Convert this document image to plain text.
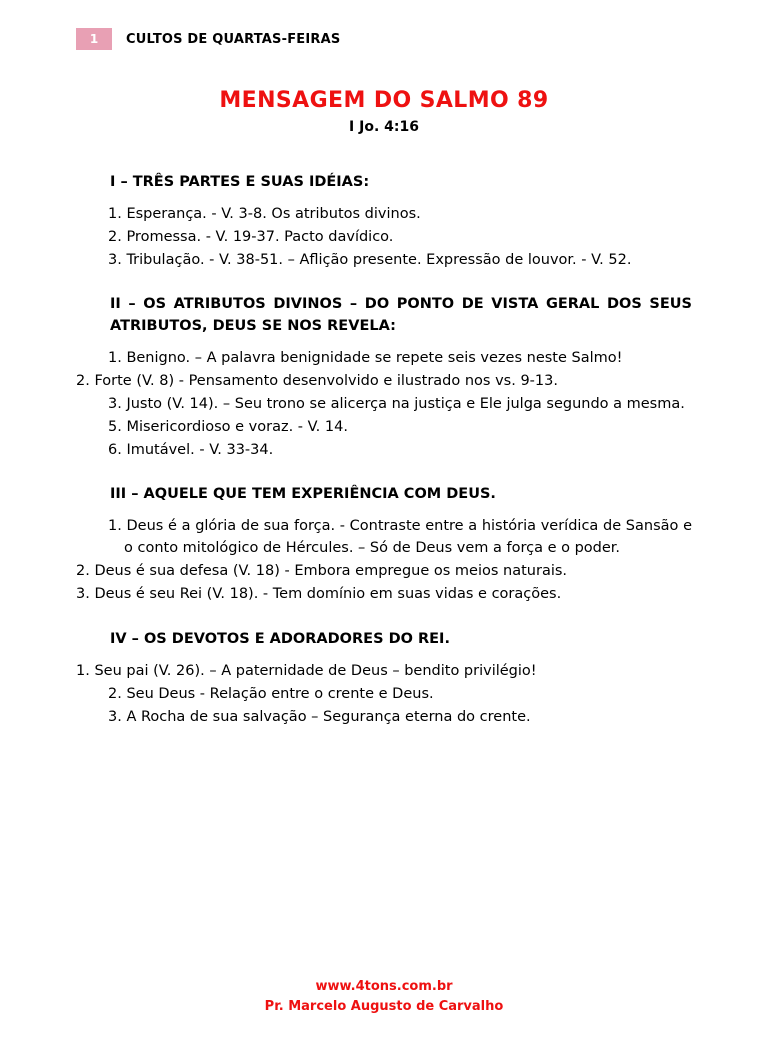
1	CULTOS DE QUARTAS-FEIRAS
MENSAGEM DO SALMO 89
I Jo. 4:16
I – TRÊS PARTES E SUAS IDÉIAS:
1. Esperança. - V. 3-8. Os atributos divinos.
2. Promessa. - V. 19-37. Pacto davídico.
3. Tribulação. - V. 38-51. – Aflição presente. Expressão de louvor. - V. 52.
II – OS ATRIBUTOS DIVINOS – DO PONTO DE VISTA GERAL DOS SEUS ATRIBUTOS, DEUS SE NOS REVELA:
1. Benigno. – A palavra benignidade se repete seis vezes neste Salmo!
2. Forte (V. 8) - Pensamento desenvolvido e ilustrado nos vs. 9-13.
3. Justo (V. 14). – Seu trono se alicerça na justiça e Ele julga segundo a mesma.
5. Misericordioso e voraz. - V. 14.
6. Imutável. - V. 33-34.
III – AQUELE QUE TEM EXPERIÊNCIA COM DEUS.
1. Deus é a glória de sua força. - Contraste entre a história verídica de Sansão e o conto mitológico de Hércules. – Só de Deus vem a força e o poder.
2. Deus é sua defesa (V. 18) - Embora empregue os meios naturais.
3. Deus é seu Rei (V. 18). - Tem domínio em suas vidas e corações.
IV – OS DEVOTOS E ADORADORES DO REI.
1. Seu pai (V. 26). – A paternidade de Deus – bendito privilégio!
2. Seu Deus - Relação entre o crente e Deus.
3. A Rocha de sua salvação – Segurança eterna do crente.
www.4tons.com.br
Pr. Marcelo Augusto de Carvalho
